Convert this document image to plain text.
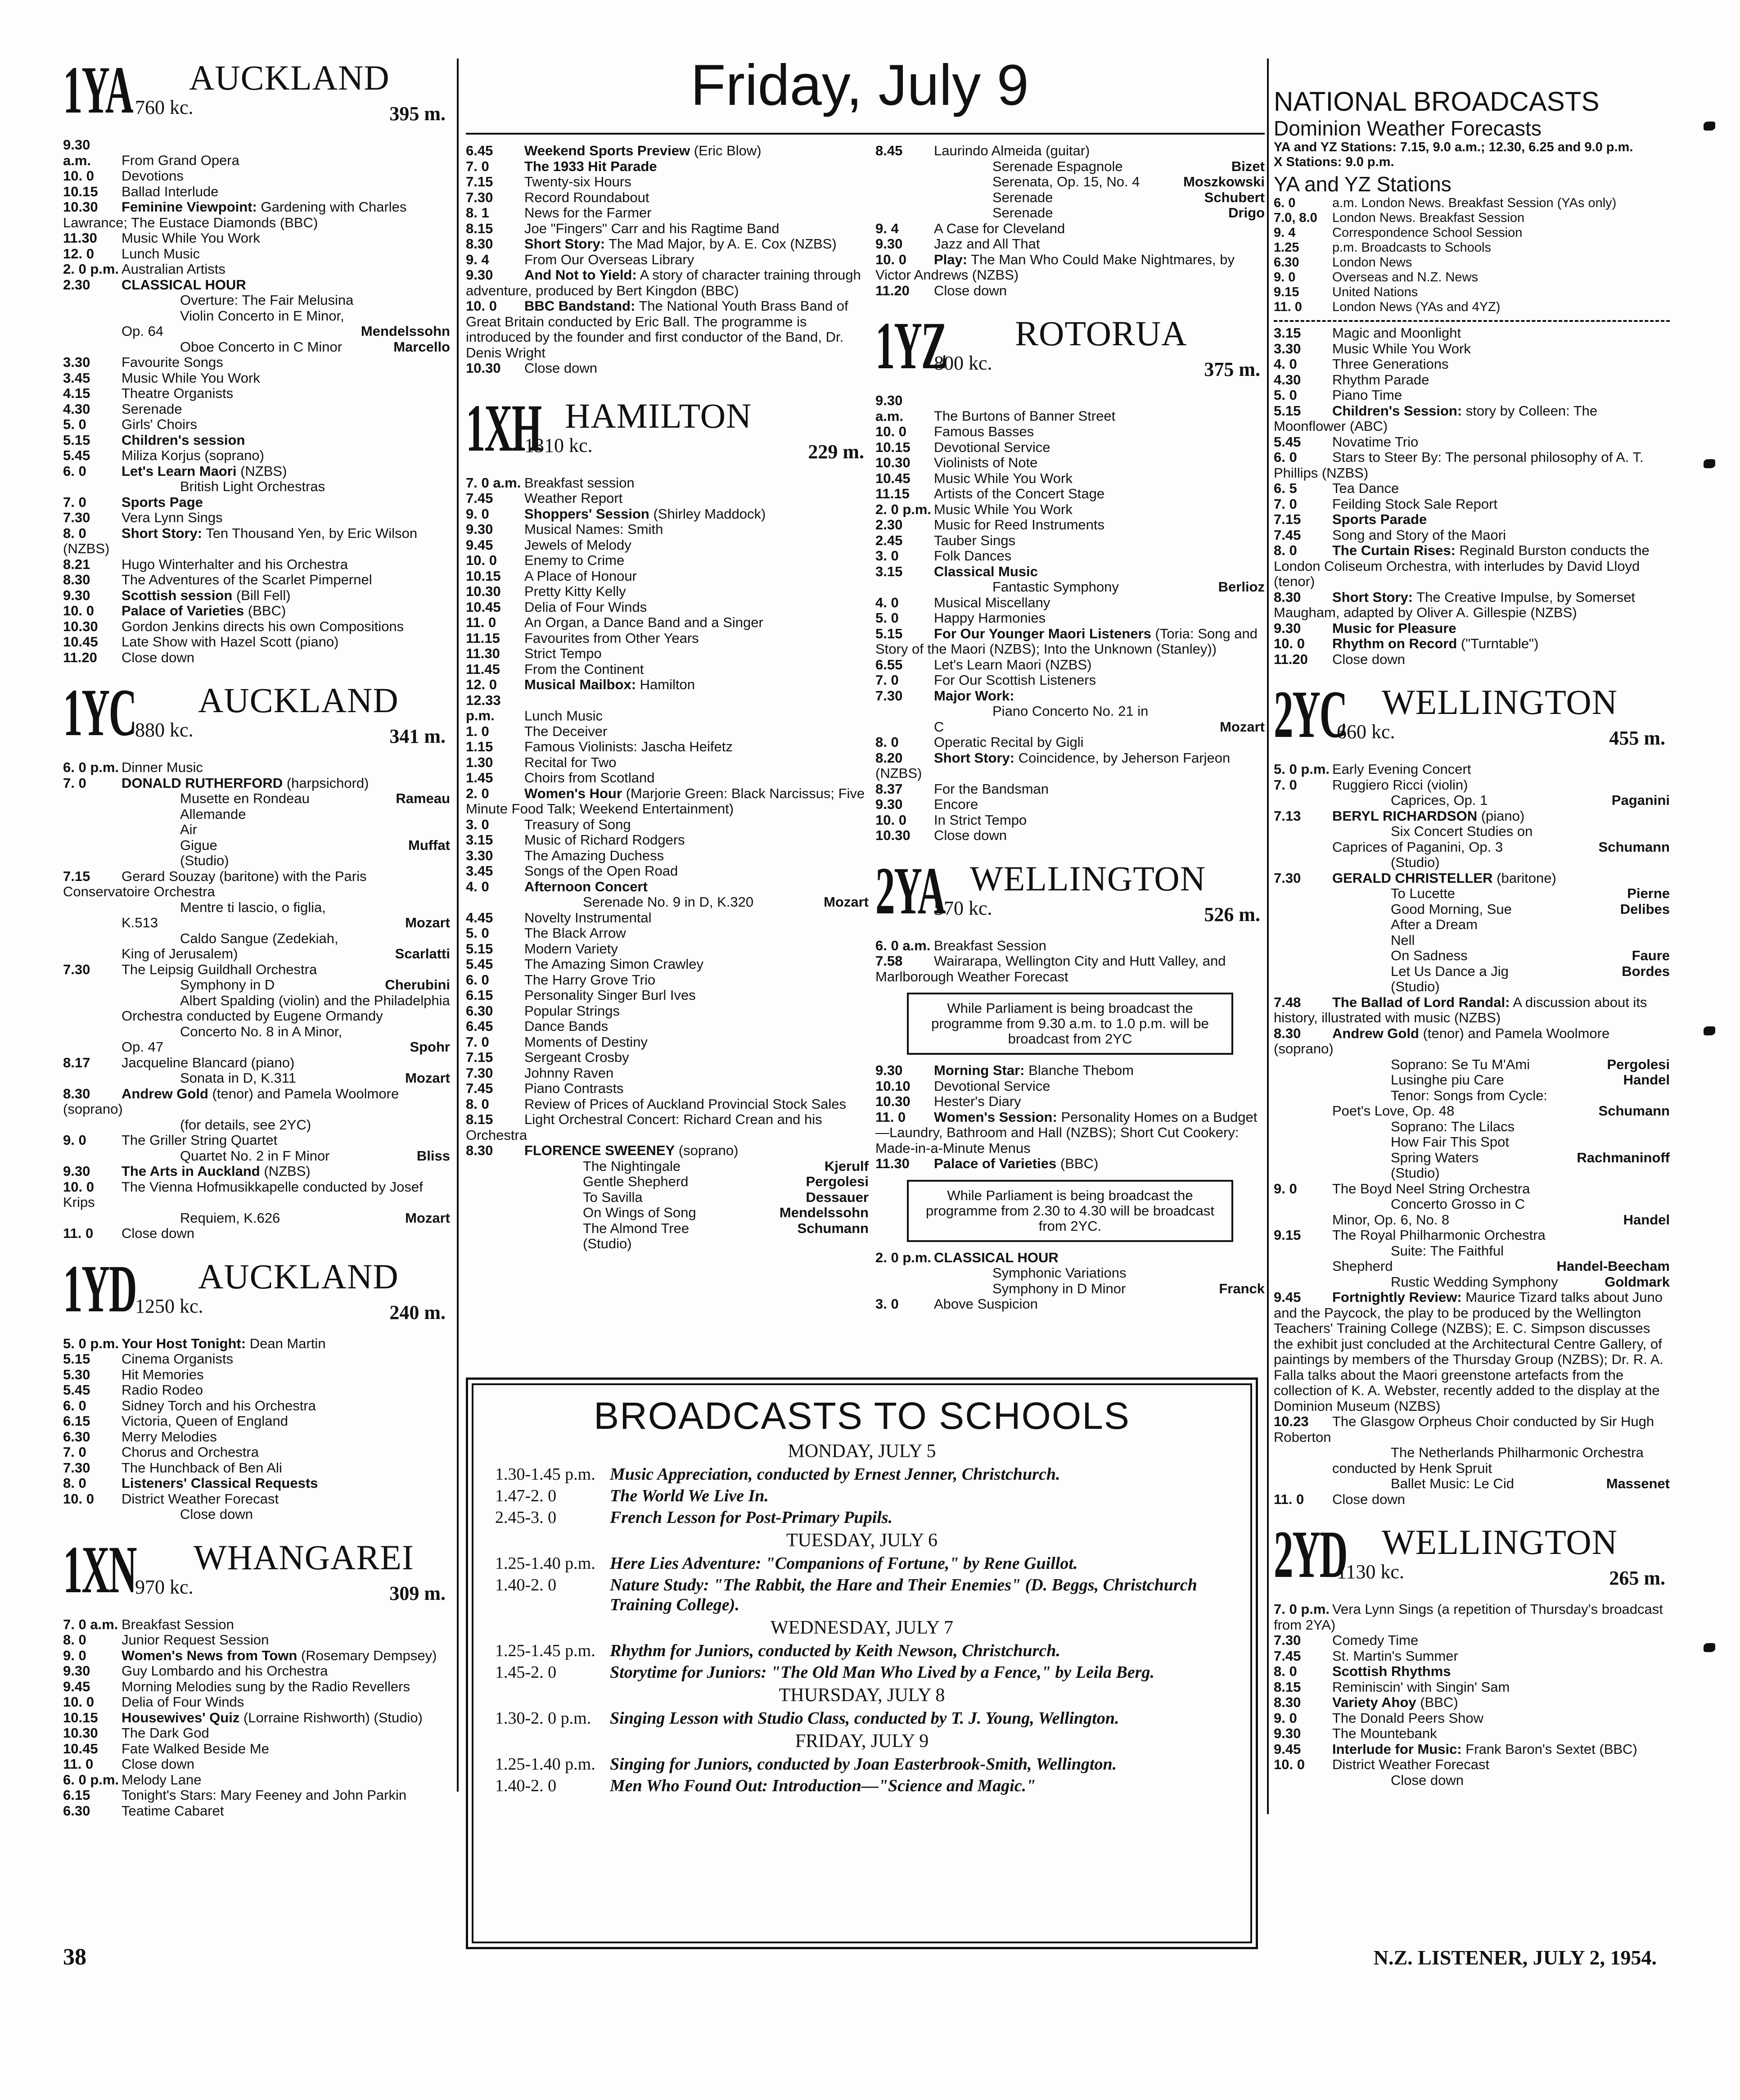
Friday, July 9
1YA AUCKLAND
760 kc.	395 m.
9.30 a.m. From Grand Opera
10. 0 Devotions
10.15 Ballad Interlude
10.30 Feminine Viewpoint: Gardening with Charles Lawrance; The Eustace Diamonds (BBC)
11.30 Music While You Work
12. 0 Lunch Music
2. 0 p.m. Australian Artists
2.30 CLASSICAL HOUR
Overture: The Fair Melusina
Violin Concerto in E Minor, Op. 64	Mendelssohn
Oboe Concerto in C Minor	Marcello
3.30 Favourite Songs
3.45 Music While You Work
4.15 Theatre Organists
4.30 Serenade
5. 0	Girls' Choirs
5.15 Children's session
5.45 Miliza Korjus (soprano)
6. 0	Let's Learn Maori (NZBS)
British Light Orchestras
7. 0	Sports Page
7.30 Vera Lynn Sings
8. 0	Short Story: Ten Thousand Yen, by Eric Wilson (NZBS)
8.21 Hugo Winterhalter and his Orchestra
8.30 The Adventures of the Scarlet Pimpernel
9.30 Scottish session (Bill Fell)
10. 0 Palace of Varieties (BBC)
10.30 Gordon Jenkins directs his own Compositions
10.45 Late Show with Hazel Scott (piano)
11.20 Close down
1YC AUCKLAND
880 kc.	341 m.
6. 0 p.m. Dinner Music
7. 0	DONALD RUTHERFORD (harpsichord)
Musette en Rondeau	Rameau
Allemande
Air
Gigue	Muffat
(Studio)
7.15 Gerard Souzay (baritone) with the Paris Conservatoire Orchestra
Mentre ti lascio, o figlia, K.513	Mozart
Caldo Sangue (Zedekiah, King of Jerusalem)	Scarlatti
7.30 The Leipsig Guildhall Orchestra
Symphony in D	Cherubini
Albert Spalding (violin) and the Philadelphia Orchestra conducted by Eugene Ormandy
Concerto No. 8 in A Minor, Op. 47	Spohr
8.17 Jacqueline Blancard (piano)
Sonata in D, K.311	Mozart
8.30 Andrew Gold (tenor) and Pamela Woolmore (soprano)
(for details, see 2YC)
9. 0	The Griller String Quartet
Quartet No. 2 in F Minor	Bliss
9.30 The Arts in Auckland (NZBS)
10. 0 The Vienna Hofmusikkapelle conducted by Josef Krips
Requiem, K.626	Mozart
11. 0 Close down
1YD AUCKLAND
1250 kc.	240 m.
5. 0 p.m. Your Host Tonight: Dean Martin
5.15 Cinema Organists
5.30 Hit Memories
5.45 Radio Rodeo
6. 0	Sidney Torch and his Orchestra
6.15 Victoria, Queen of England
6.30 Merry Melodies
7. 0	Chorus and Orchestra
7.30 The Hunchback of Ben Ali
8. 0	Listeners' Classical Requests
10. 0 District Weather Forecast
Close down
1XN WHANGAREI
970 kc.	309 m.
7. 0 a.m. Breakfast Session
8. 0	Junior Request Session
9. 0	Women's News from Town (Rosemary Dempsey)
9.30 Guy Lombardo and his Orchestra
9.45 Morning Melodies sung by the Radio Revellers
10. 0 Delia of Four Winds
10.15 Housewives' Quiz (Lorraine Rishworth) (Studio)
10.30 The Dark God
10.45 Fate Walked Beside Me
11. 0 Close down
6. 0 p.m. Melody Lane
6.15 Tonight's Stars: Mary Feeney and John Parkin
6.30 Teatime Cabaret
6.45 Weekend Sports Preview (Eric Blow)
7. 0	The 1933 Hit Parade
7.15 Twenty-six Hours
7.30 Record Roundabout
8. 1	News for the Farmer
8.15 Joe "Fingers" Carr and his Ragtime Band
8.30 Short Story: The Mad Major, by A. E. Cox (NZBS)
9. 4	From Our Overseas Library
9.30 And Not to Yield: A story of character training through adventure, produced by Bert Kingdon (BBC)
10. 0 BBC Bandstand: The National Youth Brass Band of Great Britain conducted by Eric Ball. The programme is introduced by the founder and first conductor of the Band, Dr. Denis Wright
10.30 Close down
1XH HAMILTON
1310 kc.	229 m.
7. 0 a.m. Breakfast session
7.45 Weather Report
9. 0	Shoppers' Session (Shirley Maddock)
9.30 Musical Names: Smith
9.45 Jewels of Melody
10. 0 Enemy to Crime
10.15 A Place of Honour
10.30 Pretty Kitty Kelly
10.45 Delia of Four Winds
11. 0 An Organ, a Dance Band and a Singer
11.15 Favourites from Other Years
11.30 Strict Tempo
11.45 From the Continent
12. 0 Musical Mailbox: Hamilton
12.33 p.m. Lunch Music
1. 0	The Deceiver
1.15 Famous Violinists: Jascha Heifetz
1.30 Recital for Two
1.45 Choirs from Scotland
2. 0	Women's Hour (Marjorie Green: Black Narcissus; Five Minute Food Talk; Weekend Entertainment)
3. 0	Treasury of Song
3.15 Music of Richard Rodgers
3.30 The Amazing Duchess
3.45 Songs of the Open Road
4. 0	Afternoon Concert
Serenade No. 9 in D, K.320	Mozart
4.45 Novelty Instrumental
5. 0	The Black Arrow
5.15 Modern Variety
5.45 The Amazing Simon Crawley
6. 0	The Harry Grove Trio
6.15 Personality Singer Burl Ives
6.30 Popular Strings
6.45 Dance Bands
7. 0	Moments of Destiny
7.15 Sergeant Crosby
7.30 Johnny Raven
7.45 Piano Contrasts
8. 0	Review of Prices of Auckland Provincial Stock Sales
8.15 Light Orchestral Concert: Richard Crean and his Orchestra
8.30 FLORENCE SWEENEY (soprano)
The Nightingale	Kjerulf
Gentle Shepherd	Pergolesi
To Savilla	Dessauer
On Wings of Song	Mendelssohn
The Almond Tree	Schumann
(Studio)
8.45 Laurindo Almeida (guitar)
Serenade Espagnole	Bizet
Serenata, Op. 15, No. 4	Moszkowski
Serenade	Schubert
Serenade	Drigo
9. 4	A Case for Cleveland
9.30 Jazz and All That
10. 0 Play: The Man Who Could Make Nightmares, by Victor Andrews (NZBS)
11.20 Close down
1YZ ROTORUA
800 kc.	375 m.
9.30 a.m. The Burtons of Banner Street
10. 0 Famous Basses
10.15 Devotional Service
10.30 Violinists of Note
10.45 Music While You Work
11.15 Artists of the Concert Stage
2. 0 p.m. Music While You Work
2.30 Music for Reed Instruments
2.45 Tauber Sings
3. 0	Folk Dances
3.15 Classical Music
Fantastic Symphony	Berlioz
4. 0	Musical Miscellany
5. 0	Happy Harmonies
5.15 For Our Younger Maori Listeners (Toria: Song and Story of the Maori (NZBS); Into the Unknown (Stanley))
6.55 Let's Learn Maori (NZBS)
7. 0	For Our Scottish Listeners
7.30 Major Work:
Piano Concerto No. 21 in C	Mozart
8. 0	Operatic Recital by Gigli
8.20 Short Story: Coincidence, by Jeherson Farjeon (NZBS)
8.37 For the Bandsman
9.30 Encore
10. 0 In Strict Tempo
10.30 Close down
2YA WELLINGTON
570 kc.	526 m.
6. 0 a.m. Breakfast Session
7.58 Wairarapa, Wellington City and Hutt Valley, and Marlborough Weather Forecast
While Parliament is being broadcast the programme from 9.30 a.m. to 1.0 p.m. will be broadcast from 2YC
9.30 Morning Star: Blanche Thebom
10.10 Devotional Service
10.30 Hester's Diary
11. 0 Women's Session: Personality Homes on a Budget—Laundry, Bathroom and Hall (NZBS); Short Cut Cookery: Made-in-a-Minute Menus
11.30 Palace of Varieties (BBC)
While Parliament is being broadcast the programme from 2.30 to 4.30 will be broadcast from 2YC.
2. 0 p.m. CLASSICAL HOUR
Symphonic Variations
Symphony in D Minor	Franck
3. 0	Above Suspicion
NATIONAL BROADCASTS
Dominion Weather Forecasts
YA and YZ Stations: 7.15, 9.0 a.m.; 12.30, 6.25 and 9.0 p.m.
X Stations: 9.0 p.m.
YA and YZ Stations
6. 0	a.m. London News. Breakfast Session (YAs only)
7.0, 8.0 London News. Breakfast Session
9. 4	Correspondence School Session
1.25	p.m. Broadcasts to Schools
6.30	London News
9. 0	Overseas and N.Z. News
9.15	United Nations
11. 0 London News (YAs and 4YZ)
3.15 Magic and Moonlight
3.30 Music While You Work
4. 0	Three Generations
4.30 Rhythm Parade
5. 0	Piano Time
5.15 Children's Session: story by Colleen: The Moonflower (ABC)
5.45 Novatime Trio
6. 0	Stars to Steer By: The personal philosophy of A. T. Phillips (NZBS)
6. 5	Tea Dance
7. 0	Feilding Stock Sale Report
7.15 Sports Parade
7.45 Song and Story of the Maori
8. 0	The Curtain Rises: Reginald Burston conducts the London Coliseum Orchestra, with interludes by David Lloyd (tenor)
8.30 Short Story: The Creative Impulse, by Somerset Maugham, adapted by Oliver A. Gillespie (NZBS)
9.30 Music for Pleasure
10. 0 Rhythm on Record ("Turntable")
11.20 Close down
2YC WELLINGTON
660 kc.	455 m.
5. 0 p.m. Early Evening Concert
7. 0	Ruggiero Ricci (violin)
Caprices, Op. 1	Paganini
7.13 BERYL RICHARDSON (piano)
Six Concert Studies on Caprices of Paganini, Op. 3	Schumann
(Studio)
7.30 GERALD CHRISTELLER (baritone)
To Lucette	Pierne
Good Morning, Sue	Delibes
After a Dream
Nell
On Sadness	Faure
Let Us Dance a Jig	Bordes
(Studio)
7.48 The Ballad of Lord Randal: A discussion about its history, illustrated with music (NZBS)
8.30 Andrew Gold (tenor) and Pamela Woolmore (soprano)
Soprano: Se Tu M'Ami	Pergolesi
Lusinghe piu Care	Handel
Tenor: Songs from Cycle: Poet's Love, Op. 48	Schumann
Soprano: The Lilacs
How Fair This Spot
Spring Waters	Rachmaninoff
(Studio)
9. 0	The Boyd Neel String Orchestra
Concerto Grosso in C Minor, Op. 6, No. 8	Handel
9.15 The Royal Philharmonic Orchestra
Suite: The Faithful Shepherd	Handel-Beecham
Rustic Wedding Symphony	Goldmark
9.45 Fortnightly Review: Maurice Tizard talks about Juno and the Paycock, the play to be produced by the Wellington Teachers' Training College (NZBS); E. C. Simpson discusses the exhibit just concluded at the Architectural Centre Gallery, of paintings by members of the Thursday Group (NZBS); Dr. R. A. Falla talks about the Maori greenstone artefacts from the collection of K. A. Webster, recently added to the display at the Dominion Museum (NZBS)
10.23 The Glasgow Orpheus Choir conducted by Sir Hugh Roberton
The Netherlands Philharmonic Orchestra conducted by Henk Spruit
Ballet Music: Le Cid	Massenet
11. 0 Close down
2YD WELLINGTON
1130 kc.	265 m.
7. 0 p.m. Vera Lynn Sings (a repetition of Thursday's broadcast from 2YA)
7.30 Comedy Time
7.45 St. Martin's Summer
8. 0	Scottish Rhythms
8.15 Reminiscin' with Singin' Sam
8.30 Variety Ahoy (BBC)
9. 0	The Donald Peers Show
9.30 The Mountebank
9.45 Interlude for Music: Frank Baron's Sextet (BBC)
10. 0 District Weather Forecast
Close down
BROADCASTS TO SCHOOLS
MONDAY, JULY 5
1.30-1.45 p.m. Music Appreciation, conducted by Ernest Jenner, Christchurch.
1.47-2. 0	The World We Live In.
2.45-3. 0	French Lesson for Post-Primary Pupils.
TUESDAY, JULY 6
1.25-1.40 p.m. Here Lies Adventure: "Companions of Fortune," by Rene Guillot.
1.40-2. 0	Nature Study: "The Rabbit, the Hare and Their Enemies" (D. Beggs, Christchurch Training College).
WEDNESDAY, JULY 7
1.25-1.45 p.m. Rhythm for Juniors, conducted by Keith Newson, Christchurch.
1.45-2. 0	Storytime for Juniors: "The Old Man Who Lived by a Fence," by Leila Berg.
THURSDAY, JULY 8
1.30-2. 0 p.m.	Singing Lesson with Studio Class, conducted by T. J. Young, Wellington.
FRIDAY, JULY 9
1.25-1.40 p.m. Singing for Juniors, conducted by Joan Easterbrook-Smith, Wellington.
1.40-2. 0	Men Who Found Out: Introduction—"Science and Magic."
38	N.Z. LISTENER, JULY 2, 1954.
